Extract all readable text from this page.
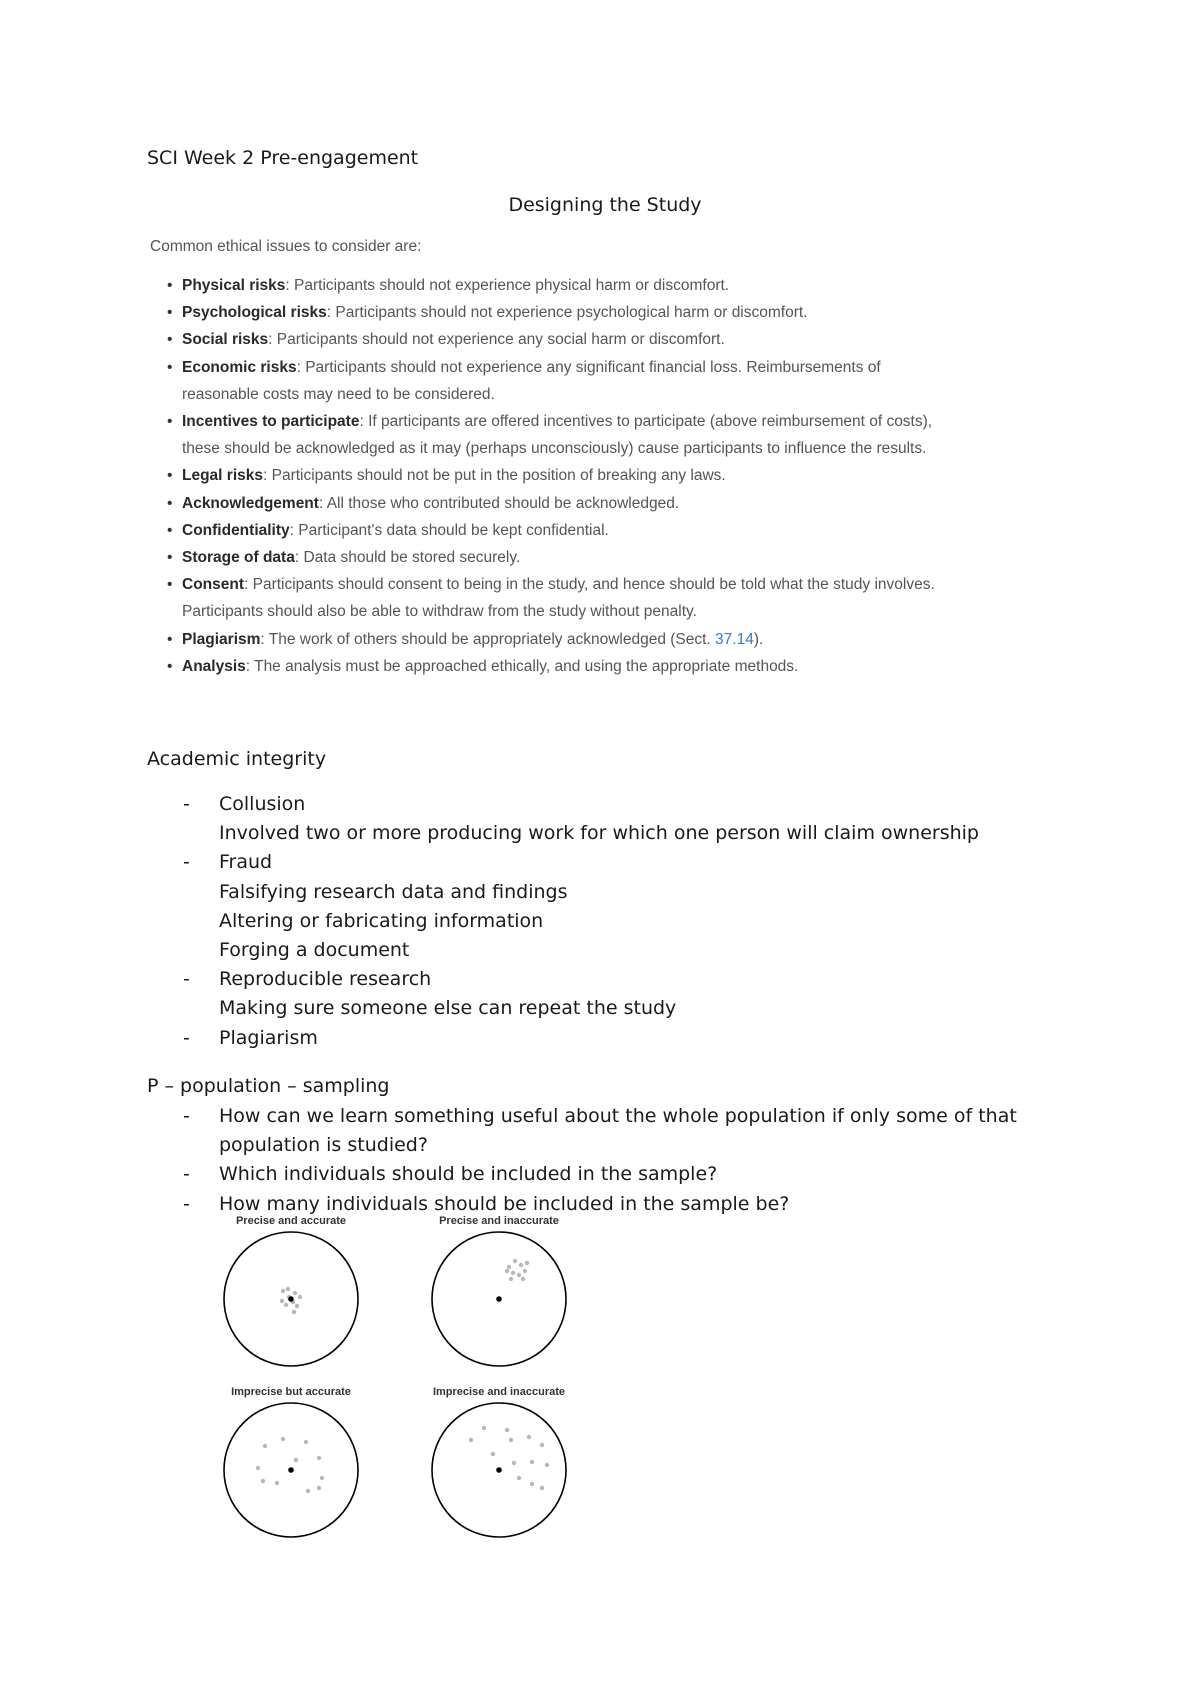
SCI Week 2 Pre-engagement
Designing the Study

Common ethical issues to consider are:

• Physical risks: Participants should not experience physical harm or discomfort.
• Psychological risks: Participants should not experience psychological harm or discomfort.
• Social risks: Participants should not experience any social harm or discomfort.
• Economic risks: Participants should not experience any significant financial loss. Reimbursements of reasonable costs may need to be considered.
• Incentives to participate: If participants are offered incentives to participate (above reimbursement of costs), these should be acknowledged as it may (perhaps unconsciously) cause participants to influence the results.
• Legal risks: Participants should not be put in the position of breaking any laws.
• Acknowledgement: All those who contributed should be acknowledged.
• Confidentiality: Participant's data should be kept confidential.
• Storage of data: Data should be stored securely.
• Consent: Participants should consent to being in the study, and hence should be told what the study involves. Participants should also be able to withdraw from the study without penalty.
• Plagiarism: The work of others should be appropriately acknowledged (Sect. 37.14).
• Analysis: The analysis must be approached ethically, and using the appropriate methods.
Academic integrity
- Collusion
Involved two or more producing work for which one person will claim ownership
- Fraud
Falsifying research data and findings
Altering or fabricating information
Forging a document
- Reproducible research
Making sure someone else can repeat the study
- Plagiarism
P – population – sampling
- How can we learn something useful about the whole population if only some of that population is studied?
- Which individuals should be included in the sample?
- How many individuals should be included in the sample be?
Precise and accurate	Precise and inaccurate
Imprecise but accurate	Imprecise and inaccurate
